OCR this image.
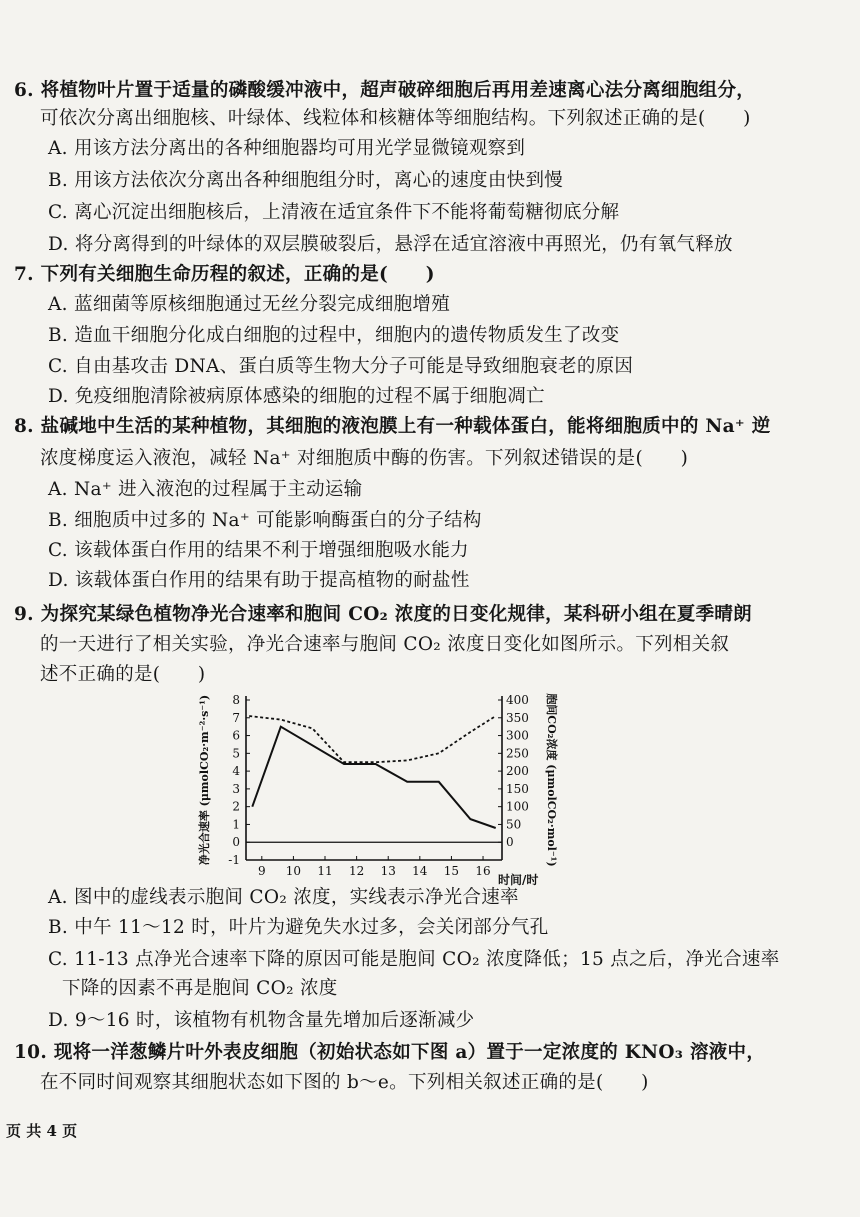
6. 将植物叶片置于适量的磷酸缓冲液中，超声破碎细胞后再用差速离心法分离细胞组分，
可依次分离出细胞核、叶绿体、线粒体和核糖体等细胞结构。下列叙述正确的是(　　)
A. 用该方法分离出的各种细胞器均可用光学显微镜观察到
B. 用该方法依次分离出各种细胞组分时，离心的速度由快到慢
C. 离心沉淀出细胞核后，上清液在适宜条件下不能将葡萄糖彻底分解
D. 将分离得到的叶绿体的双层膜破裂后，悬浮在适宜溶液中再照光，仍有氧气释放
7. 下列有关细胞生命历程的叙述，正确的是(　　)
A. 蓝细菌等原核细胞通过无丝分裂完成细胞增殖
B. 造血干细胞分化成白细胞的过程中，细胞内的遗传物质发生了改变
C. 自由基攻击 DNA、蛋白质等生物大分子可能是导致细胞衰老的原因
D. 免疫细胞清除被病原体感染的细胞的过程不属于细胞凋亡
8. 盐碱地中生活的某种植物，其细胞的液泡膜上有一种载体蛋白，能将细胞质中的 Na⁺ 逆
浓度梯度运入液泡，减轻 Na⁺ 对细胞质中酶的伤害。下列叙述错误的是(　　)
A. Na⁺ 进入液泡的过程属于主动运输
B. 细胞质中过多的 Na⁺ 可能影响酶蛋白的分子结构
C. 该载体蛋白作用的结果不利于增强细胞吸水能力
D. 该载体蛋白作用的结果有助于提高植物的耐盐性
9. 为探究某绿色植物净光合速率和胞间 CO₂ 浓度的日变化规律，某科研小组在夏季晴朗
的一天进行了相关实验，净光合速率与胞间 CO₂ 浓度日变化如图所示。下列相关叙
述不正确的是(　　)
A. 图中的虚线表示胞间 CO₂ 浓度，实线表示净光合速率
B. 中午 11～12 时，叶片为避免失水过多，会关闭部分气孔
C. 11-13 点净光合速率下降的原因可能是胞间 CO₂ 浓度降低；15 点之后，净光合速率
下降的因素不再是胞间 CO₂ 浓度
D. 9～16 时，该植物有机物含量先增加后逐渐减少
10. 现将一洋葱鳞片叶外表皮细胞（初始状态如下图 a）置于一定浓度的 KNO₃ 溶液中，
在不同时间观察其细胞状态如下图的 b～e。下列相关叙述正确的是(　　)
-1
0
1
2
3
4
5
6
7
8
0
50
100
150
200
250
300
350
400
9 10 11 12 13 14 15 16
时间/时
净光合速率 (μmolCO₂·m⁻²·s⁻¹)	胞间CO₂浓度 (μmolCO₂·mol⁻¹)
页 共 4 页
